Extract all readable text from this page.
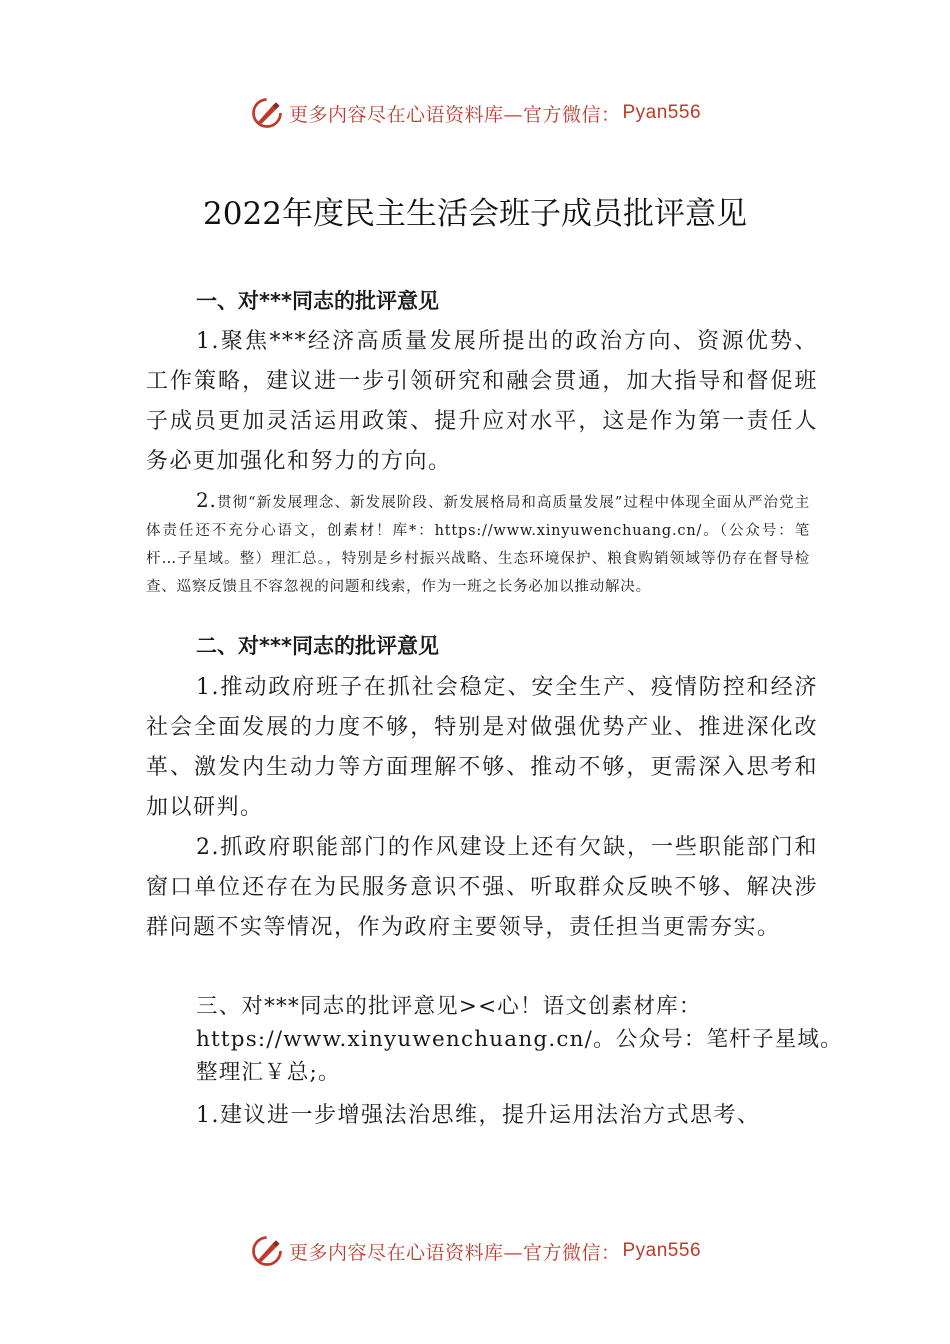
更多内容尽在心语资料库—官方微信： Pyan556
2022年度民主生活会班子成员批评意见
一、对***同志的批评意见
1.聚焦***经济高质量发展所提出的政治方向、资源优势、工作策略，建议进一步引领研究和融会贯通，加大指导和督促班子成员更加灵活运用政策、提升应对水平，这是作为第一责任人务必更加强化和努力的方向。
2.贯彻“新发展理念、新发展阶段、新发展格局和高质量发展”过程中体现全面从严治党主体责任还不充分心语文，创素材！库*：https://www.xinyuwenchuang.cn/。（公众号：笔杆…子星域。整）理汇总。，特别是乡村振兴战略、生态环境保护、粮食购销领域等仍存在督导检查、巡察反馈且不容忽视的问题和线索，作为一班之长务必加以推动解决。
二、对***同志的批评意见
1.推动政府班子在抓社会稳定、安全生产、疫情防控和经济社会全面发展的力度不够，特别是对做强优势产业、推进深化改革、激发内生动力等方面理解不够、推动不够，更需深入思考和加以研判。
2.抓政府职能部门的作风建设上还有欠缺，一些职能部门和窗口单位还存在为民服务意识不强、听取群众反映不够、解决涉群问题不实等情况，作为政府主要领导，责任担当更需夯实。
三、对***同志的批评意见><心！语文创素材库：https://www.xinyuwenchuang.cn/。公众号：笔杆子星域。整理汇￥总;。
1.建议进一步增强法治思维，提升运用法治方式思考、
更多内容尽在心语资料库—官方微信： Pyan556
